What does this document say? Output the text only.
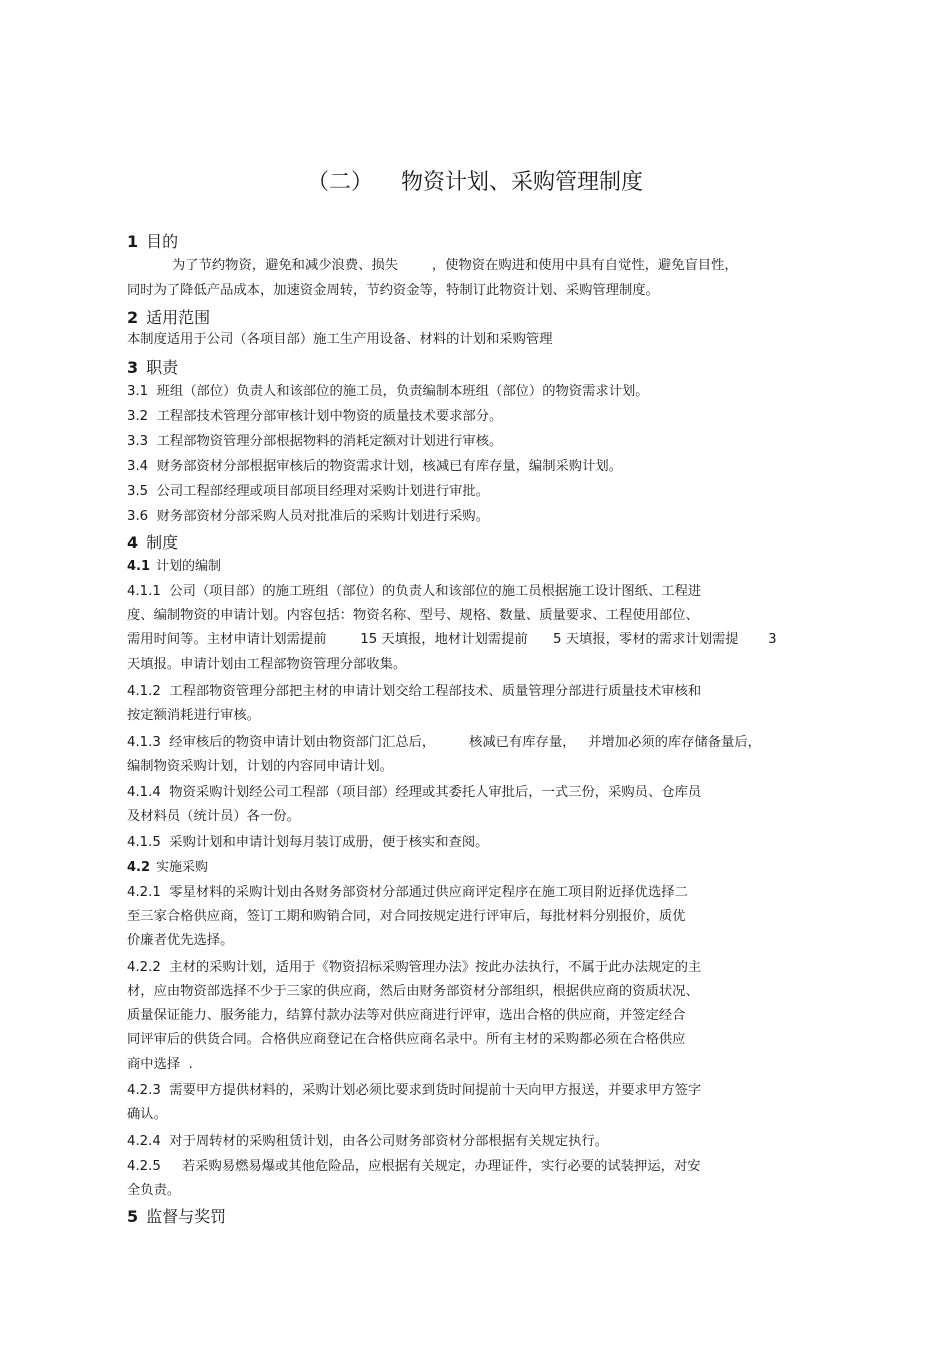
（二）    物资计划、采购管理制度
1 目的
为了节约物资，避免和减少浪费、损失        ，使物资在购进和使用中具有自觉性，避免盲目性，
同时为了降低产品成本，加速资金周转，节约资金等，特制订此物资计划、采购管理制度。
2 适用范围
本制度适用于公司（各项目部）施工生产用设备、材料的计划和采购管理
3 职责
3.1  班组（部位）负责人和该部位的施工员，负责编制本班组（部位）的物资需求计划。
3.2  工程部技术管理分部审核计划中物资的质量技术要求部分。
3.3  工程部物资管理分部根据物料的消耗定额对计划进行审核。
3.4  财务部资材分部根据审核后的物资需求计划，核减已有库存量，编制采购计划。
3.5  公司工程部经理或项目部项目经理对采购计划进行审批。
3.6  财务部资材分部采购人员对批准后的采购计划进行采购。
4 制度
4.1 计划的编制
4.1.1  公司（项目部）的施工班组（部位）的负责人和该部位的施工员根据施工设计图纸、工程进
度、编制物资的申请计划。内容包括：物资名称、型号、规格、数量、质量要求、工程使用部位、
需用时间等。主材申请计划需提前        15 天填报，地材计划需提前      5 天填报，零材的需求计划需提       3
天填报。申请计划由工程部物资管理分部收集。
4.1.2  工程部物资管理分部把主材的申请计划交给工程部技术、质量管理分部进行质量技术审核和
按定额消耗进行审核。
4.1.3  经审核后的物资申请计划由物资部门汇总后，        核减已有库存量，   并增加必须的库存储备量后，
编制物资采购计划，计划的内容同申请计划。
4.1.4  物资采购计划经公司工程部（项目部）经理或其委托人审批后，一式三份，采购员、仓库员
及材料员（统计员）各一份。
4.1.5  采购计划和申请计划每月装订成册，便于核实和查阅。
4.2 实施采购
4.2.1  零星材料的采购计划由各财务部资材分部通过供应商评定程序在施工项目附近择优选择二
至三家合格供应商，签订工期和购销合同，对合同按规定进行评审后，每批材料分别报价，质优
价廉者优先选择。
4.2.2  主材的采购计划，适用于《物资招标采购管理办法》按此办法执行，不属于此办法规定的主
材，应由物资部选择不少于三家的供应商，然后由财务部资材分部组织，根据供应商的资质状况、
质量保证能力、服务能力，结算付款办法等对供应商进行评审，选出合格的供应商，并签定经合
同评审后的供货合同。合格供应商登记在合格供应商名录中。所有主材的采购都必须在合格供应
商中选择  .
4.2.3  需要甲方提供材料的，采购计划必须比要求到货时间提前十天向甲方报送，并要求甲方签字
确认。
4.2.4  对于周转材的采购租赁计划，由各公司财务部资材分部根据有关规定执行。
4.2.5     若采购易燃易爆或其他危险品，应根据有关规定，办理证件，实行必要的试装押运，对安
全负责。
5 监督与奖罚
